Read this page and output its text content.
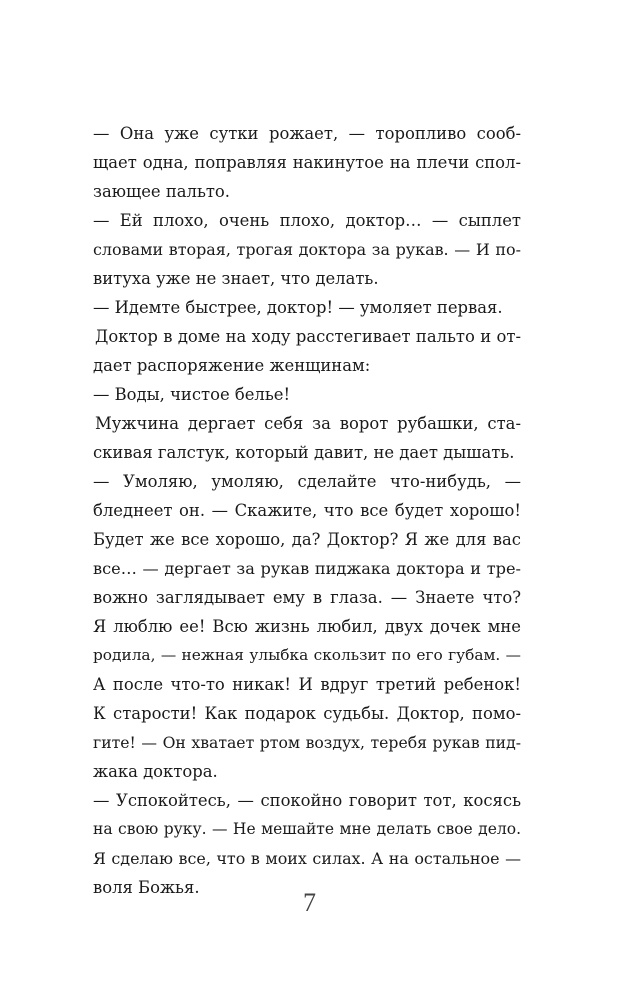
— Она уже сутки рожает, — торопливо сооб-
щает одна, поправляя накинутое на плечи спол-
зающее пальто.
— Ей плохо, очень плохо, доктор… — сыплет
словами вторая, трогая доктора за рукав. — И по-
витуха уже не знает, что делать.
— Идемте быстрее, доктор! — умоляет первая.
Доктор в доме на ходу расстегивает пальто и от-
дает распоряжение женщинам:
— Воды, чистое белье!
Мужчина дергает себя за ворот рубашки, ста-
скивая галстук, который давит, не дает дышать.
— Умоляю, умоляю, сделайте что-нибудь, —
бледнеет он. — Скажите, что все будет хорошо!
Будет же все хорошо, да? Доктор? Я же для вас
все… — дергает за рукав пиджака доктора и тре-
вожно заглядывает ему в глаза. — Знаете что?
Я люблю ее! Всю жизнь любил, двух дочек мне
родила, — нежная улыбка скользит по его губам. —
А после что-то никак! И вдруг третий ребенок!
К старости! Как подарок судьбы. Доктор, помо-
гите! — Он хватает ртом воздух, теребя рукав пид-
жака доктора.
— Успокойтесь, — спокойно говорит тот, косясь
на свою руку. — Не мешайте мне делать свое дело.
Я сделаю все, что в моих силах. А на остальное —
воля Божья.
7
